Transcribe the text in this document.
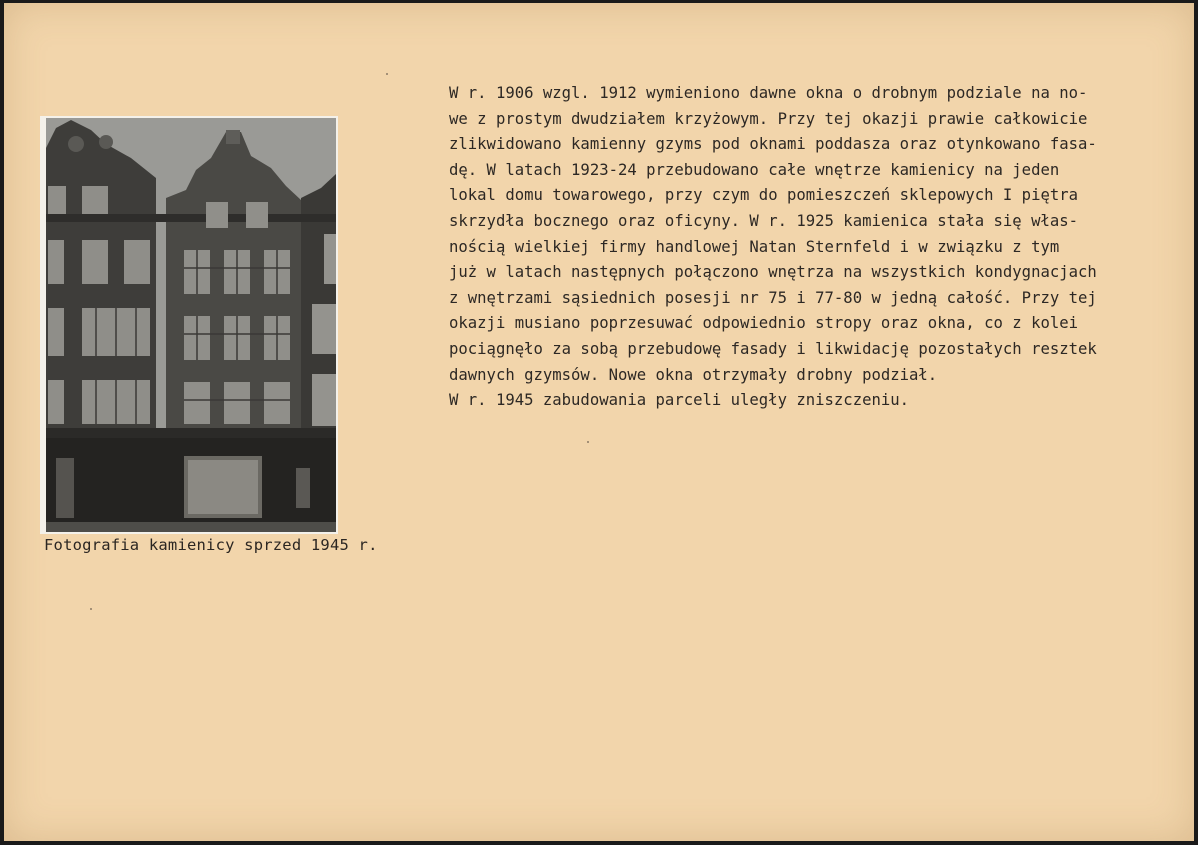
Fotografia kamienicy sprzed 1945 r.
W r. 1906 wzgl. 1912 wymieniono dawne okna o drobnym podziale na no-
we z prostym dwudziałem krzyżowym. Przy tej okazji prawie całkowicie
zlikwidowano kamienny gzyms pod oknami poddasza oraz otynkowano fasa-
dę. W latach 1923-24 przebudowano całe wnętrze kamienicy na jeden
lokal domu towarowego, przy czym do pomieszczeń sklepowych I piętra
skrzydła bocznego oraz oficyny. W r. 1925 kamienica stała się włas-
nością wielkiej firmy handlowej Natan Sternfeld i w związku z tym
już w latach następnych połączono wnętrza na wszystkich kondygnacjach
z wnętrzami sąsiednich posesji nr 75 i 77-80 w jedną całość. Przy tej
okazji musiano poprzesuwać odpowiednio stropy oraz okna, co z kolei
pociągnęło za sobą przebudowę fasady i likwidację pozostałych resztek
dawnych gzymsów. Nowe okna otrzymały drobny podział.
W r. 1945 zabudowania parceli uległy zniszczeniu.
